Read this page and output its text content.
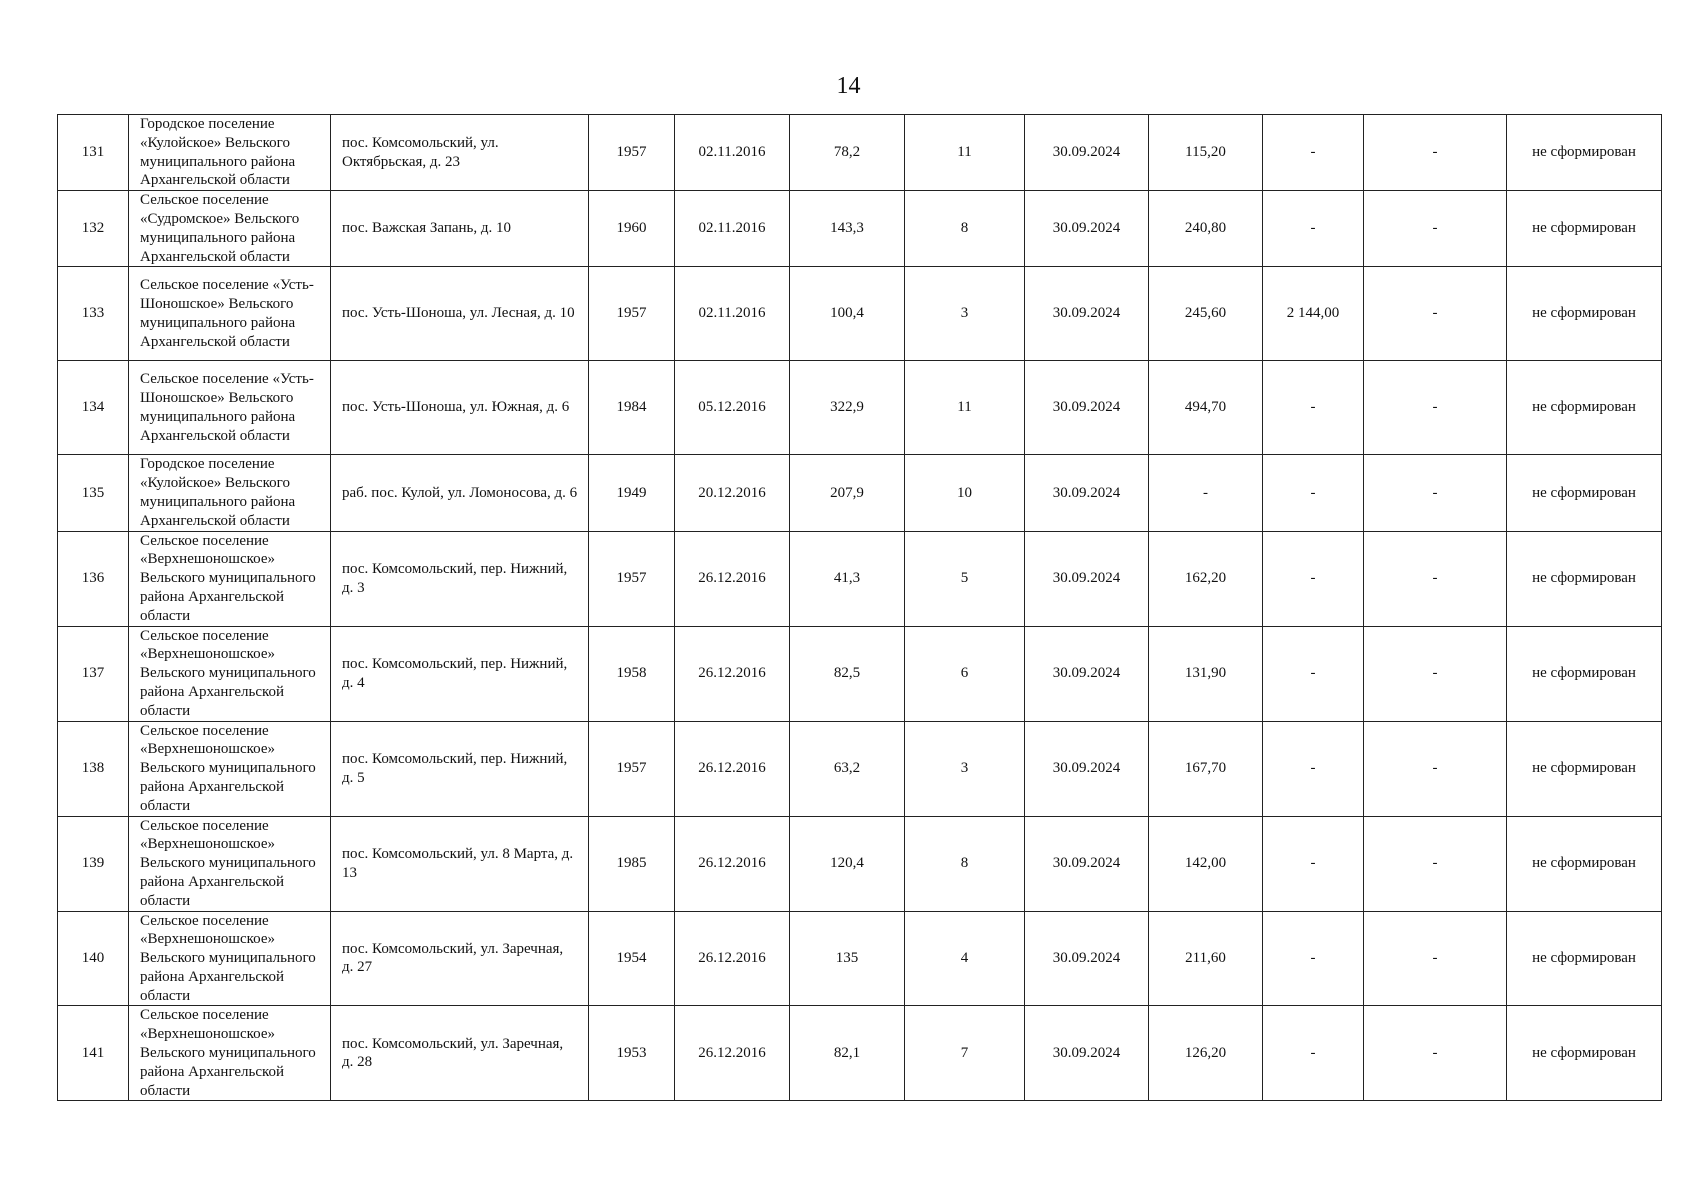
14
131	Городское поселение «Кулойское» Вельского муниципального района Архангельской области	пос. Комсомольский, ул. Октябрьская, д. 23	1957	02.11.2016	78,2	11	30.09.2024	115,20	-	-	не сформирован
132	Сельское поселение «Судромское» Вельского муниципального района Архангельской области	пос. Важская Запань, д. 10	1960	02.11.2016	143,3	8	30.09.2024	240,80	-	-	не сформирован
133	Сельское поселение «Усть-Шоношское» Вельского муниципального района Архангельской области	пос. Усть-Шоноша, ул. Лесная, д. 10	1957	02.11.2016	100,4	3	30.09.2024	245,60	2 144,00	-	не сформирован
134	Сельское поселение «Усть-Шоношское» Вельского муниципального района Архангельской области	пос. Усть-Шоноша, ул. Южная, д. 6	1984	05.12.2016	322,9	11	30.09.2024	494,70	-	-	не сформирован
135	Городское поселение «Кулойское» Вельского муниципального района Архангельской области	раб. пос. Кулой, ул. Ломоносова, д. 6	1949	20.12.2016	207,9	10	30.09.2024	-	-	-	не сформирован
136	Сельское поселение «Верхнешоношское» Вельского муниципального района Архангельской области	пос. Комсомольский, пер. Нижний, д. 3	1957	26.12.2016	41,3	5	30.09.2024	162,20	-	-	не сформирован
137	Сельское поселение «Верхнешоношское» Вельского муниципального района Архангельской области	пос. Комсомольский, пер. Нижний, д. 4	1958	26.12.2016	82,5	6	30.09.2024	131,90	-	-	не сформирован
138	Сельское поселение «Верхнешоношское» Вельского муниципального района Архангельской области	пос. Комсомольский, пер. Нижний, д. 5	1957	26.12.2016	63,2	3	30.09.2024	167,70	-	-	не сформирован
139	Сельское поселение «Верхнешоношское» Вельского муниципального района Архангельской области	пос. Комсомольский, ул. 8 Марта, д. 13	1985	26.12.2016	120,4	8	30.09.2024	142,00	-	-	не сформирован
140	Сельское поселение «Верхнешоношское» Вельского муниципального района Архангельской области	пос. Комсомольский, ул. Заречная, д. 27	1954	26.12.2016	135	4	30.09.2024	211,60	-	-	не сформирован
141	Сельское поселение «Верхнешоношское» Вельского муниципального района Архангельской области	пос. Комсомольский, ул. Заречная, д. 28	1953	26.12.2016	82,1	7	30.09.2024	126,20	-	-	не сформирован
